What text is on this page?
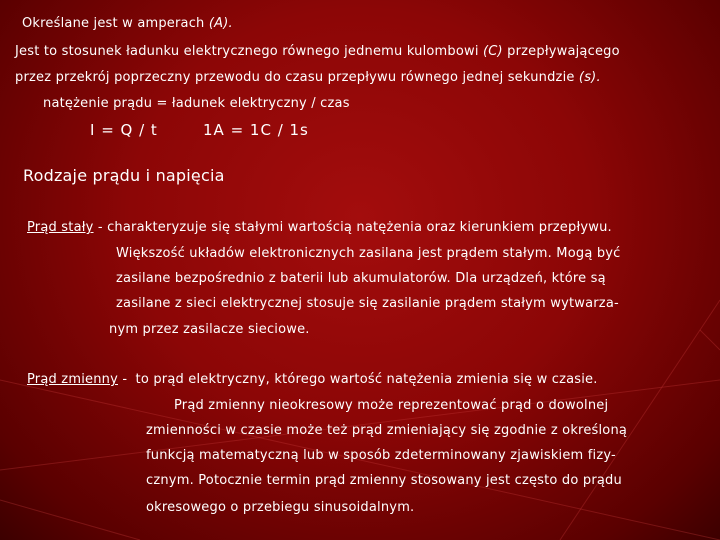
Określane jest w amperach (A).
Jest to stosunek ładunku elektrycznego równego jednemu kulombowi (C) przepływającego
przez przekrój poprzeczny przewodu do czasu przepływu równego jednej sekundzie (s).
natężenie prądu = ładunek elektryczny / czas
I = Q / t	1A = 1C / 1s
Rodzaje prądu i napięcia
Prąd stały - charakteryzuje się stałymi wartością natężenia oraz kierunkiem przepływu.
Większość układów elektronicznych zasilana jest prądem stałym. Mogą być
zasilane bezpośrednio z baterii lub akumulatorów. Dla urządzeń, które są
zasilane z sieci elektrycznej stosuje się zasilanie prądem stałym wytwarza-
nym przez zasilacze sieciowe.
Prąd zmienny - to prąd elektryczny, którego wartość natężenia zmienia się w czasie.
Prąd zmienny nieokresowy może reprezentować prąd o dowolnej
zmienności w czasie może też prąd zmieniający się zgodnie z określoną
funkcją matematyczną lub w sposób zdeterminowany zjawiskiem fizy-
cznym. Potocznie termin prąd zmienny stosowany jest często do prądu
okresowego o przebiegu sinusoidalnym.
